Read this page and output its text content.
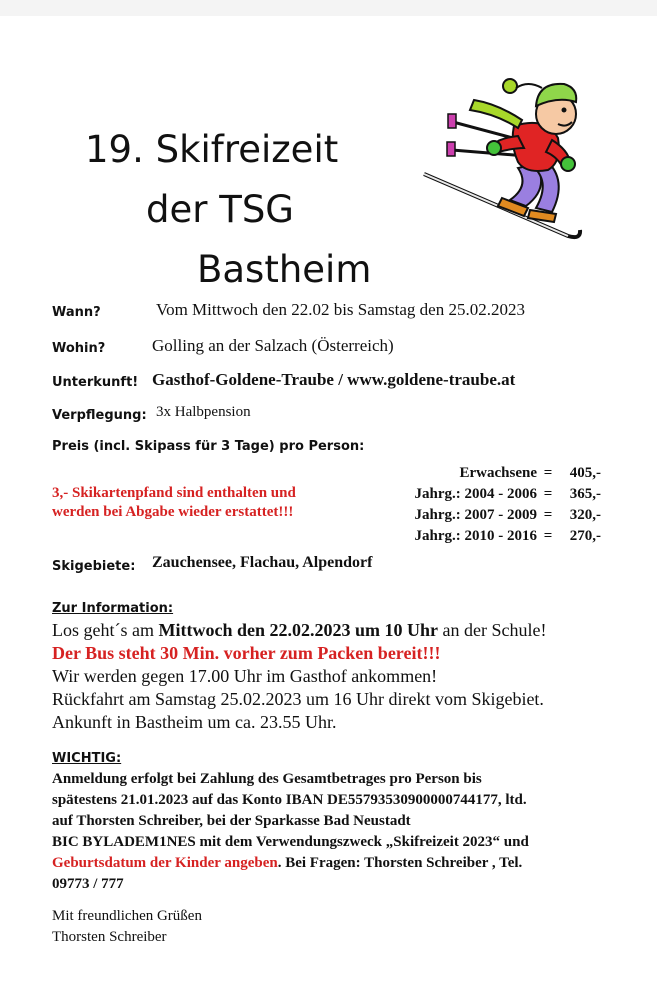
19. Skifreizeit
der TSG
Bastheim
Wann?	Vom Mittwoch den 22.02 bis Samstag den 25.02.2023
Wohin?	Golling an der Salzach (Österreich)
Unterkunft! Gasthof-Goldene-Traube / www.goldene-traube.at
Verpflegung: 3x Halbpension
Preis (incl. Skipass für 3 Tage) pro Person:
Erwachsene = 405,-
Jahrg.: 2004 - 2006 = 365,-
Jahrg.: 2007 - 2009 = 320,-
Jahrg.: 2010 - 2016 = 270,-
3,- Skikartenpfand sind enthalten und
werden bei Abgabe wieder erstattet!!!
Skigebiete: Zauchensee, Flachau, Alpendorf
Zur Information:
Los geht´s am Mittwoch den 22.02.2023 um 10 Uhr an der Schule!
Der Bus steht 30 Min. vorher zum Packen bereit!!!
Wir werden gegen 17.00 Uhr im Gasthof ankommen!
Rückfahrt am Samstag 25.02.2023 um 16 Uhr direkt vom Skigebiet.
Ankunft in Bastheim um ca. 23.55 Uhr.
WICHTIG:
Anmeldung erfolgt bei Zahlung des Gesamtbetrages pro Person bis
spätestens 21.01.2023 auf das Konto IBAN DE55793530900000744177, ltd.
auf Thorsten Schreiber, bei der Sparkasse Bad Neustadt
BIC BYLADEM1NES mit dem Verwendungszweck „Skifreizeit 2023“ und
Geburtsdatum der Kinder angeben. Bei Fragen: Thorsten Schreiber , Tel.
09773 / 777
Mit freundlichen Grüßen
Thorsten Schreiber
